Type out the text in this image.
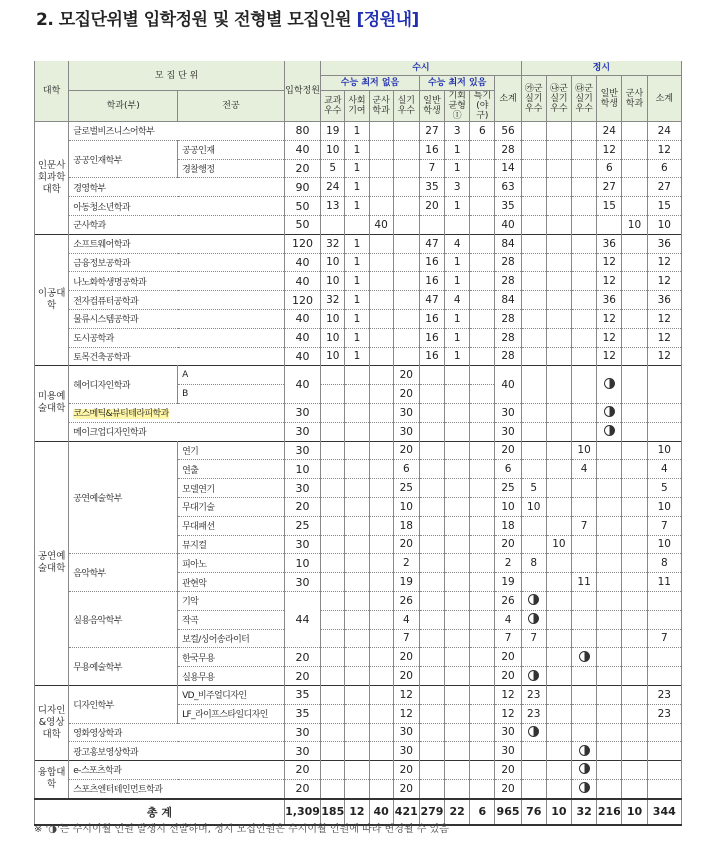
2. 모집단위별 입학정원 및 전형별 모집인원 [정원내]
대학	모 집 단 위		입학정원	수시								정시					
				수능 최저 없음				수능 최저 있음			소계	㉮군실기우수	㉯군실기우수	㉰군실기우수	일반학생	군사학과	소계
	학과(부)	전공		교과우수	사회기여	군사학과	실기우수	일반학생	기회균형Ⓘ	특기(야구)							
인문사회과학대학	글로벌비즈니스어학부		80	19	1			27	3	6	56				24		24
	공공인재학부	공공인재	40	10	1			16	1		28				12		12
		경찰행정	20	5	1			7	1		14				6		6
	경영학부		90	24	1			35	3		63				27		27
	아동청소년학과		50	13	1			20	1		35				15		15
	군사학과		50			40					40					10	10
이공대학	소프트웨어학과		120	32	1			47	4		84				36		36
	금융정보공학과		40	10	1			16	1		28				12		12
	나노화학생명공학과		40	10	1			16	1		28				12		12
	전자컴퓨터공학과		120	32	1			47	4		84				36		36
	물류시스템공학과		40	10	1			16	1		28				12		12
	도시공학과		40	10	1			16	1		28				12		12
	토목건축공학과		40	10	1			16	1		28				12		12
미용예술대학	헤어디자인학과	A	40				20				40						
		B					20										
	코스메틱&뷰티테라피학과		30				30				30						
	메이크업디자인학과		30				30				30						
공연예술대학	공연예술학부	연기	30				20				20			10			10
		연출	10				6				6			4			4
		모델연기	30				25				25	5					5
		무대기술	20				10				10	10					10
		무대패션	25				18				18			7			7
		뮤지컬	30				20				20		10				10
	음악학부	피아노	10				2				2	8					8
		관현악	30				19				19			11			11
	실용음악학부	기악	44				26				26						
		작곡					4				4						
		보컬/싱어송라이터					7				7	7					7
	무용예술학부	한국무용	20				20				20						
		실용무용	20				20				20						
디자인&영상대학	디자인학부	VD_비주얼디자인	35				12				12	23					23
		LF_라이프스타일디자인	35				12				12	23					23
	영화영상학과		30				30				30						
	광고홍보영상학과		30				30				30						
융합대학	e-스포츠학과		20				20				20						
	스포츠엔터테인먼트학과		20				20				20						
총 계			1,309	185	12	40	421	279	22	6	965	76	10	32	216	10	344
※ '◑'는 수시이월 인원 발생시 선발하며, 정시 모집인원은 수시이월 인원에 따라 변경될 수 있음
